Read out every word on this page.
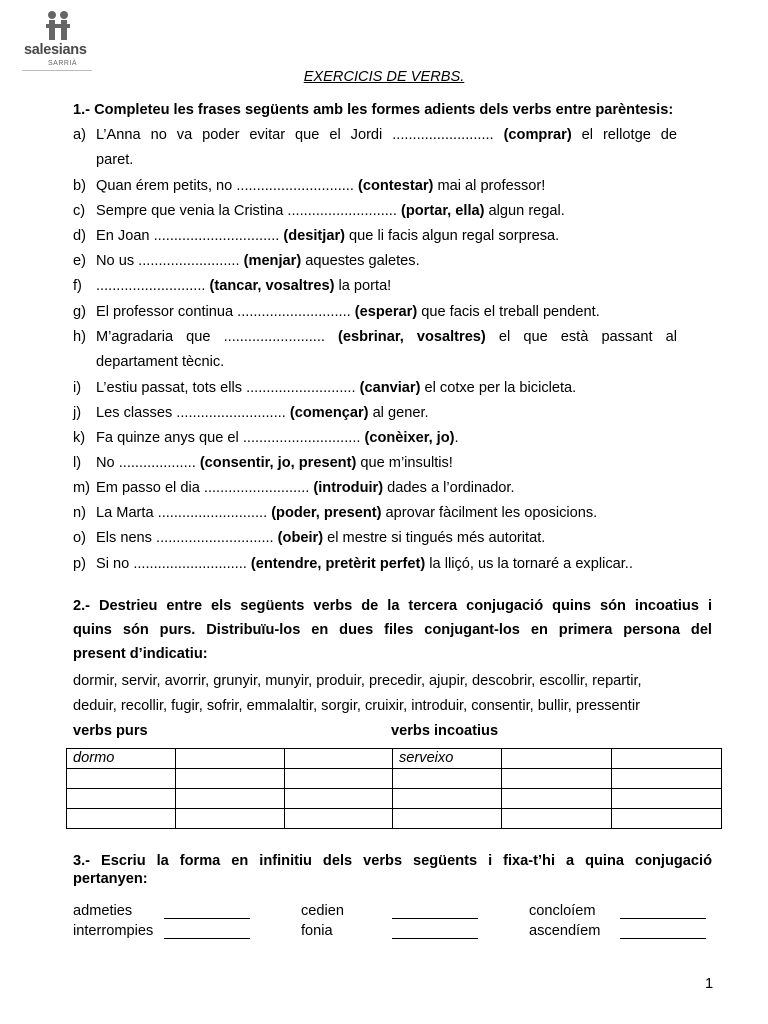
salesians
SARRIÀ
EXERCICIS DE VERBS.
1.- Completeu les frases següents amb les formes adients dels verbs entre parèntesis:
a) L’Anna no va poder evitar que el Jordi ......................... (comprar) el rellotge de
paret.
b) Quan érem petits, no ............................. (contestar) mai al professor!
c) Sempre que venia la Cristina ........................... (portar, ella) algun regal.
d) En Joan ............................... (desitjar) que li facis algun regal sorpresa.
e) No us ......................... (menjar) aquestes galetes.
f) ........................... (tancar, vosaltres) la porta!
g) El professor continua ............................ (esperar) que facis el treball pendent.
h) M’agradaria que ......................... (esbrinar, vosaltres) el que està passant al
departament tècnic.
i) L’estiu passat, tots ells ........................... (canviar) el cotxe per la bicicleta.
j) Les classes ........................... (començar) al gener.
k) Fa quinze anys que el ............................. (conèixer, jo).
l) No ................... (consentir, jo, present) que m’insultis!
m) Em passo el dia .......................... (introduir) dades a l’ordinador.
n) La Marta ........................... (poder, present) aprovar fàcilment les oposicions.
o) Els nens ............................. (obeir) el mestre si tingués més autoritat.
p) Si no ............................ (entendre, pretèrit perfet) la lliçó, us la tornaré a explicar..
2.- Destrieu entre els següents verbs de la tercera conjugació quins són incoatius i
quins són purs. Distribuïu-los en dues files conjugant-los en primera persona del
present d’indicatiu:
dormir, servir, avorrir, grunyir, munyir, produir, precedir, ajupir, descobrir, escollir, repartir,
deduir, recollir, fugir, sofrir, emmalaltir, sorgir, cruixir, introduir, consentir, bullir, pressentir
verbs purs	verbs incoatius
dormo			serveixo		

3.- Escriu la forma en infinitiu dels verbs següents i fixa-t’hi a quina conjugació
pertanyen:
admeties	cedien	concloíem
interrompies	fonia	ascendíem
1
